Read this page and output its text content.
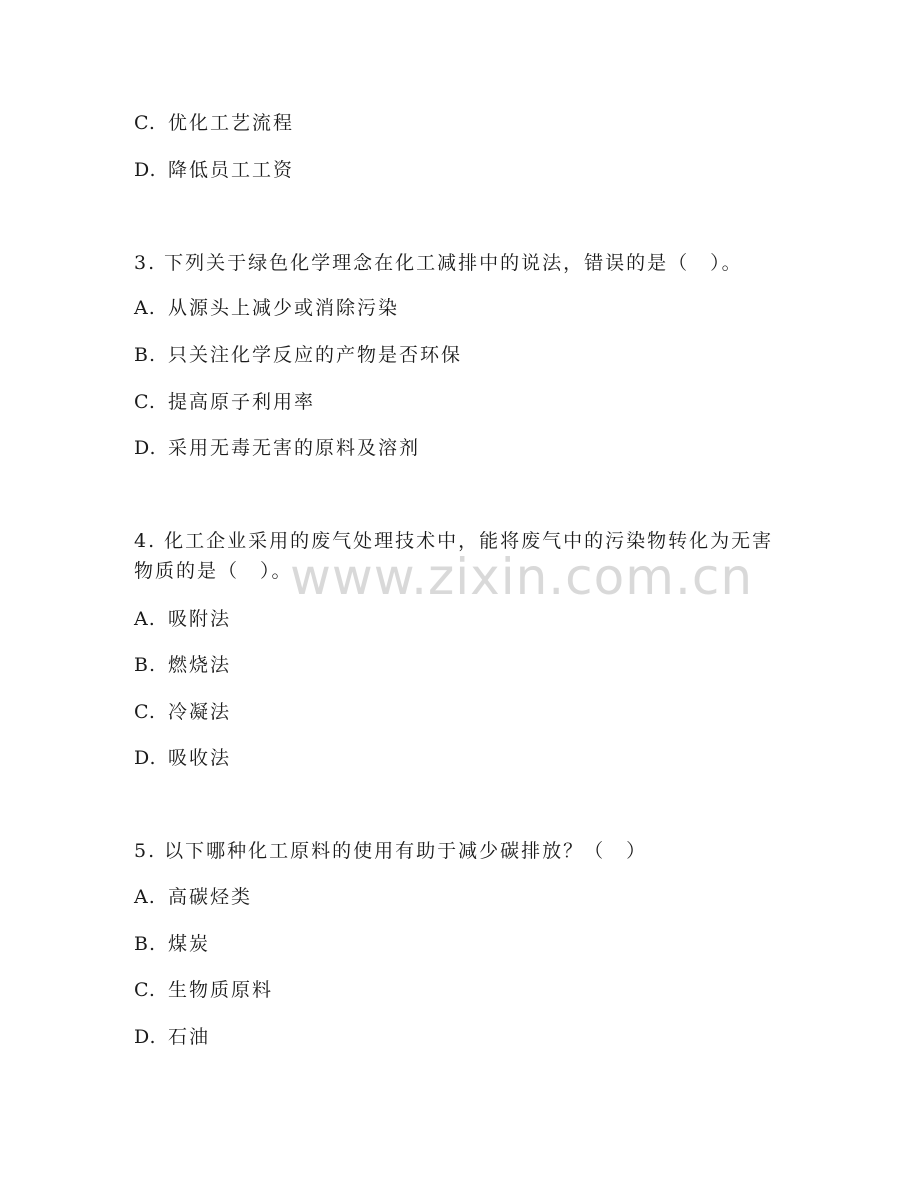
C. 优化工艺流程
D. 降低员工工资
3. 下列关于绿色化学理念在化工减排中的说法，错误的是（　）。
A. 从源头上减少或消除污染
B. 只关注化学反应的产物是否环保
C. 提高原子利用率
D. 采用无毒无害的原料及溶剂
4. 化工企业采用的废气处理技术中，能将废气中的污染物转化为无害物质的是（　）。
A. 吸附法
B. 燃烧法
C. 冷凝法
D. 吸收法
5. 以下哪种化工原料的使用有助于减少碳排放？（　）
A. 高碳烃类
B. 煤炭
C. 生物质原料
D. 石油
www.zixin.com.cn
